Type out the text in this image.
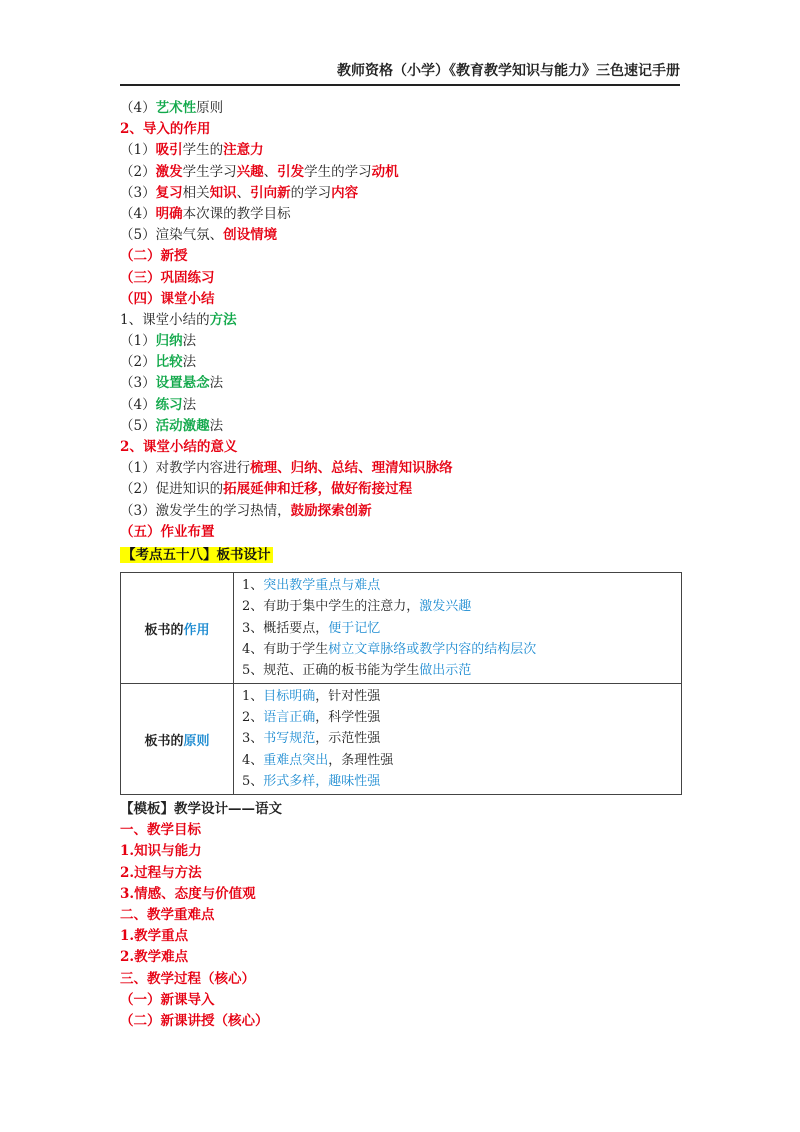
教师资格（小学）《教育教学知识与能力》三色速记手册
（4）艺术性原则
2、导入的作用
（1）吸引学生的注意力
（2）激发学生学习兴趣、引发学生的学习动机
（3）复习相关知识、引向新的学习内容
（4）明确本次课的教学目标
（5）渲染气氛、创设情境
（二）新授
（三）巩固练习
（四）课堂小结
1、课堂小结的方法
（1）归纳法
（2）比较法
（3）设置悬念法
（4）练习法
（5）活动激趣法
2、课堂小结的意义
（1）对教学内容进行梳理、归纳、总结、理清知识脉络
（2）促进知识的拓展延伸和迁移，做好衔接过程
（3）激发学生的学习热情，鼓励探索创新
（五）作业布置
【考点五十八】板书设计
板书的作用	1、突出教学重点与难点
2、有助于集中学生的注意力，激发兴趣
3、概括要点，便于记忆
4、有助于学生树立文章脉络或教学内容的结构层次
5、规范、正确的板书能为学生做出示范

板书的原则	1、目标明确，针对性强
2、语言正确，科学性强
3、书写规范，示范性强
4、重难点突出，条理性强
5、形式多样，趣味性强
【模板】教学设计——语文
一、教学目标
1.知识与能力
2.过程与方法
3.情感、态度与价值观
二、教学重难点
1.教学重点
2.教学难点
三、教学过程（核心）
（一）新课导入
（二）新课讲授（核心）
